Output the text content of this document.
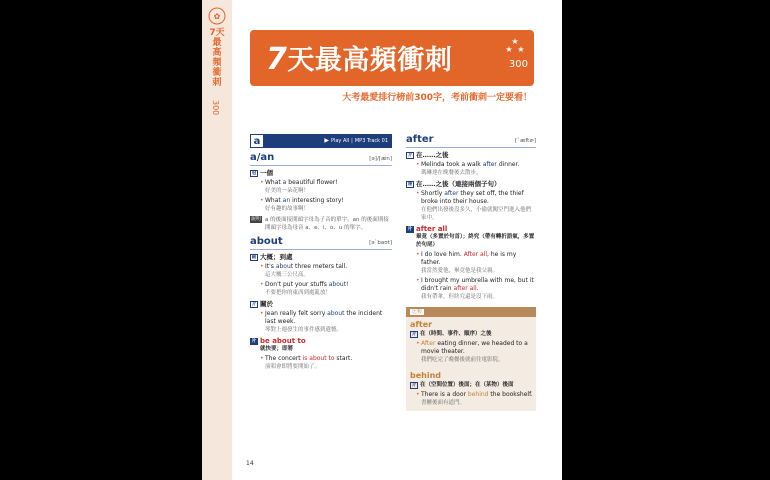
✿
7天最高頻衝刺
300
7天最高頻衝刺
★
★ ★
300
大考最愛排行榜前300字，考前衝刺一定要看！
a	▶ Play All | MP3 Track 01
a/an	[ə]/[æn]
冠 一個
• What a beautiful flower!
好美的一朵花啊！
• What an interesting story!
好有趣的故事啊！
說明 a 的後面接開頭字母為子音的單字。an 的後面則接開頭字母為母音 a、e、i、o、u 的單字。
about	[əˋbaʊt]
副 大概；到處
• It's about three meters tall.
這大概三公尺高。
• Don't put your stuffs about!
不要把你的東西到處亂放！
介 關於
• Jean really felt sorry about the incident last week.
琴對上週發生的事件感到遺憾。
片 be about to
就快要；即將
• The concert is about to start.
演唱會即將要開始了。
after	[ˋæftɚ]
介 在……之後
• Melinda took a walk after dinner.
瑪琳達在晚餐後去散步。
連 在……之後（連接兩個子句）
• Shortly after they set off, the thief broke into their house.
在他們出發後沒多久，小偷就闖空門進入他們家中。
片 after all
畢竟（多置於句首）；終究（帶有轉折語氣，多置於句尾）
• I do love him. After all, he is my father.
我當然愛他，畢竟他是我父親。
• I brought my umbrella with me, but it didn't rain after all.
我有帶傘，但終究還是沒下雨。
比較
after
介 在（時間、事件、順序）之後
• After eating dinner, we headed to a movie theater.
我們吃完了晚餐後就前往電影院。
behind
介 在（空間位置）後面；在（某物）後面
• There is a door behind the bookshelf.
書櫃後面有道門。
14
